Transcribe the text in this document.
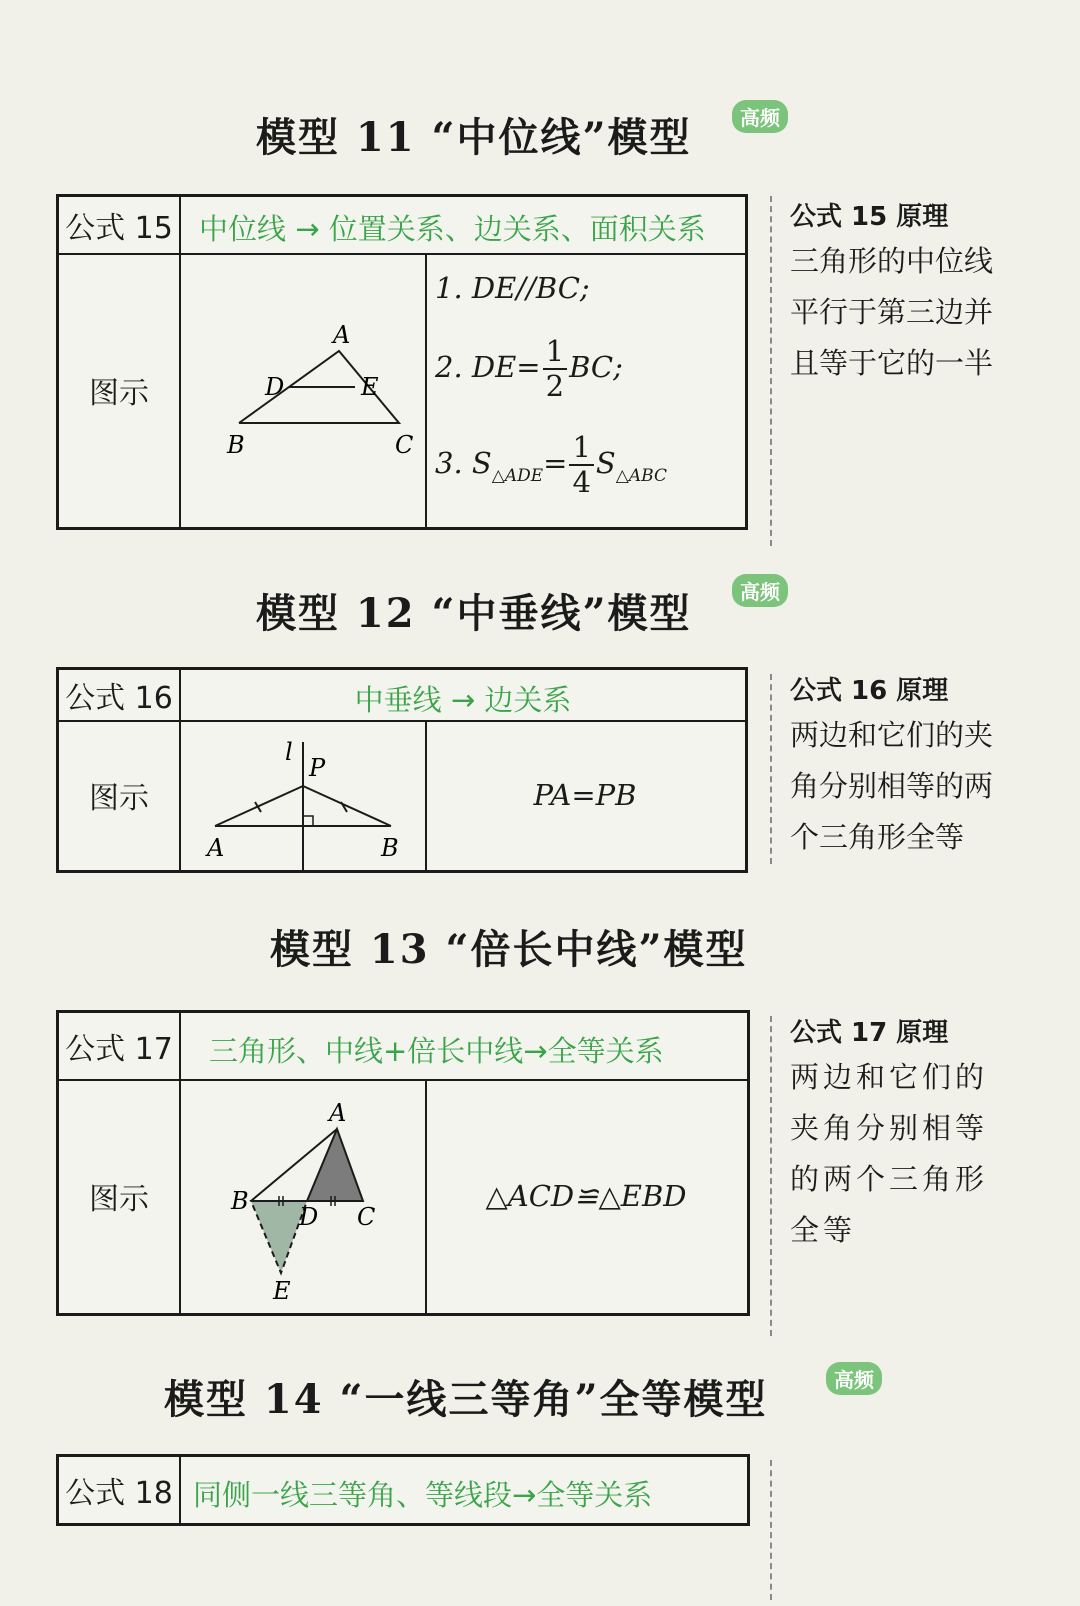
模型 11 “中位线”模型	高频
公式 15 中位线 → 位置关系、边关系、面积关系
图示
A
D	E
B	C
1. DE//BC;
2. $DE= \frac{1}{2}$ BC;
3. $S_{\triangle ADE}= \frac{1}{4} S_{\triangle ABC}$
公式 15 原理
三角形的中位线
平行于第三边并
且等于它的一半
模型 12 “中垂线”模型	高频
公式 16	中垂线 → 边关系
图示
l
P
A	B
PA=PB
公式 16 原理
两边和它们的夹
角分别相等的两
个三角形全等
模型 13 “倍长中线”模型
公式 17 三角形、中线+倍长中线→全等关系
图示
A
B
D C
E
△ACD≌△EBD
公式 17 原理
两边和它们的
夹角分别相等
的两个三角形
全等
模型 14 “一线三等角”全等模型	高频
公式 18 同侧一线三等角、等线段→全等关系
